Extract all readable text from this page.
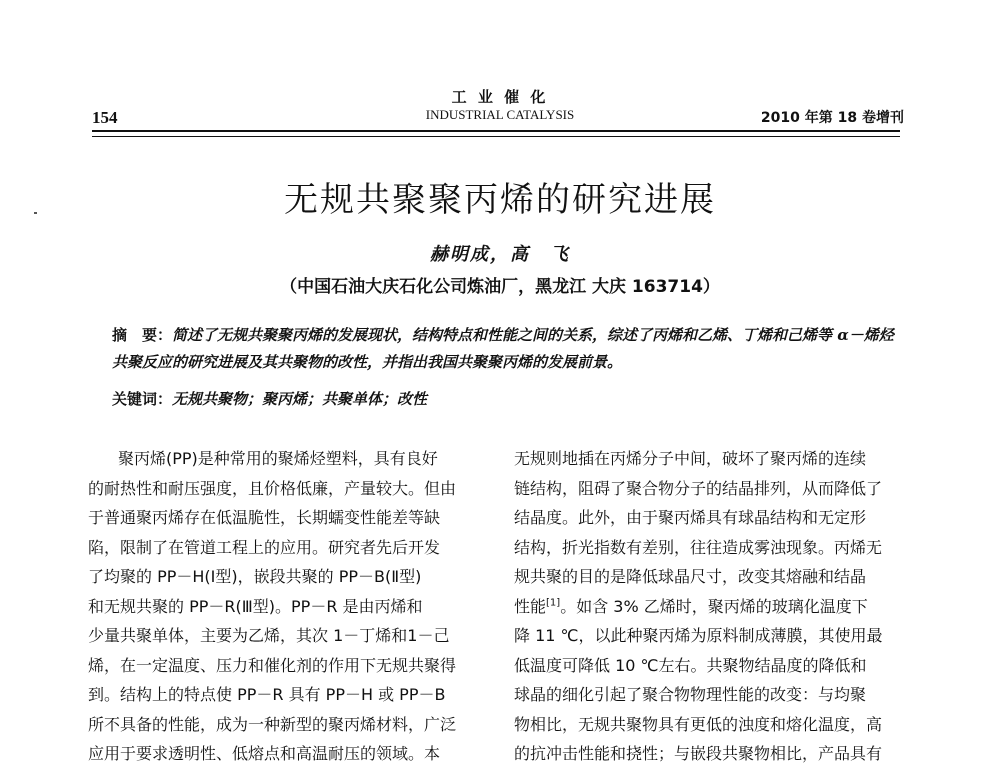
154
工 业 催 化
INDUSTRIAL CATALYSIS	2010 年第 18 卷增刊
无规共聚聚丙烯的研究进展
赫明成，高　飞
（中国石油大庆石化公司炼油厂，黑龙江 大庆 163714）
摘　要：简述了无规共聚聚丙烯的发展现状，结构特点和性能之间的关系，综述了丙烯和乙烯、丁烯和己烯等 α－烯烃共聚反应的研究进展及其共聚物的改性，并指出我国共聚聚丙烯的发展前景。
关键词：无规共聚物；聚丙烯；共聚单体；改性
聚丙烯(PP)是种常用的聚烯烃塑料，具有良好
的耐热性和耐压强度，且价格低廉，产量较大。但由
于普通聚丙烯存在低温脆性，长期蠕变性能差等缺
陷，限制了在管道工程上的应用。研究者先后开发
了均聚的 PP－H(Ⅰ型)，嵌段共聚的 PP－B(Ⅱ型)
和无规共聚的 PP－R(Ⅲ型)。PP－R 是由丙烯和
少量共聚单体，主要为乙烯，其次 1－丁烯和1－己
烯，在一定温度、压力和催化剂的作用下无规共聚得
到。结构上的特点使 PP－R 具有 PP－H 或 PP－B
所不具备的性能，成为一种新型的聚丙烯材料，广泛
应用于要求透明性、低熔点和高温耐压的领域。本
无规则地插在丙烯分子中间，破坏了聚丙烯的连续
链结构，阻碍了聚合物分子的结晶排列，从而降低了
结晶度。此外，由于聚丙烯具有球晶结构和无定形
结构，折光指数有差别，往往造成雾浊现象。丙烯无
规共聚的目的是降低球晶尺寸，改变其熔融和结晶
性能[1]。如含 3% 乙烯时，聚丙烯的玻璃化温度下
降 11 ℃，以此种聚丙烯为原料制成薄膜，其使用最
低温度可降低 10 ℃左右。共聚物结晶度的降低和
球晶的细化引起了聚合物物理性能的改变：与均聚
物相比，无规共聚物具有更低的浊度和熔化温度，高
的抗冲击性能和挠性；与嵌段共聚物相比，产品具有
